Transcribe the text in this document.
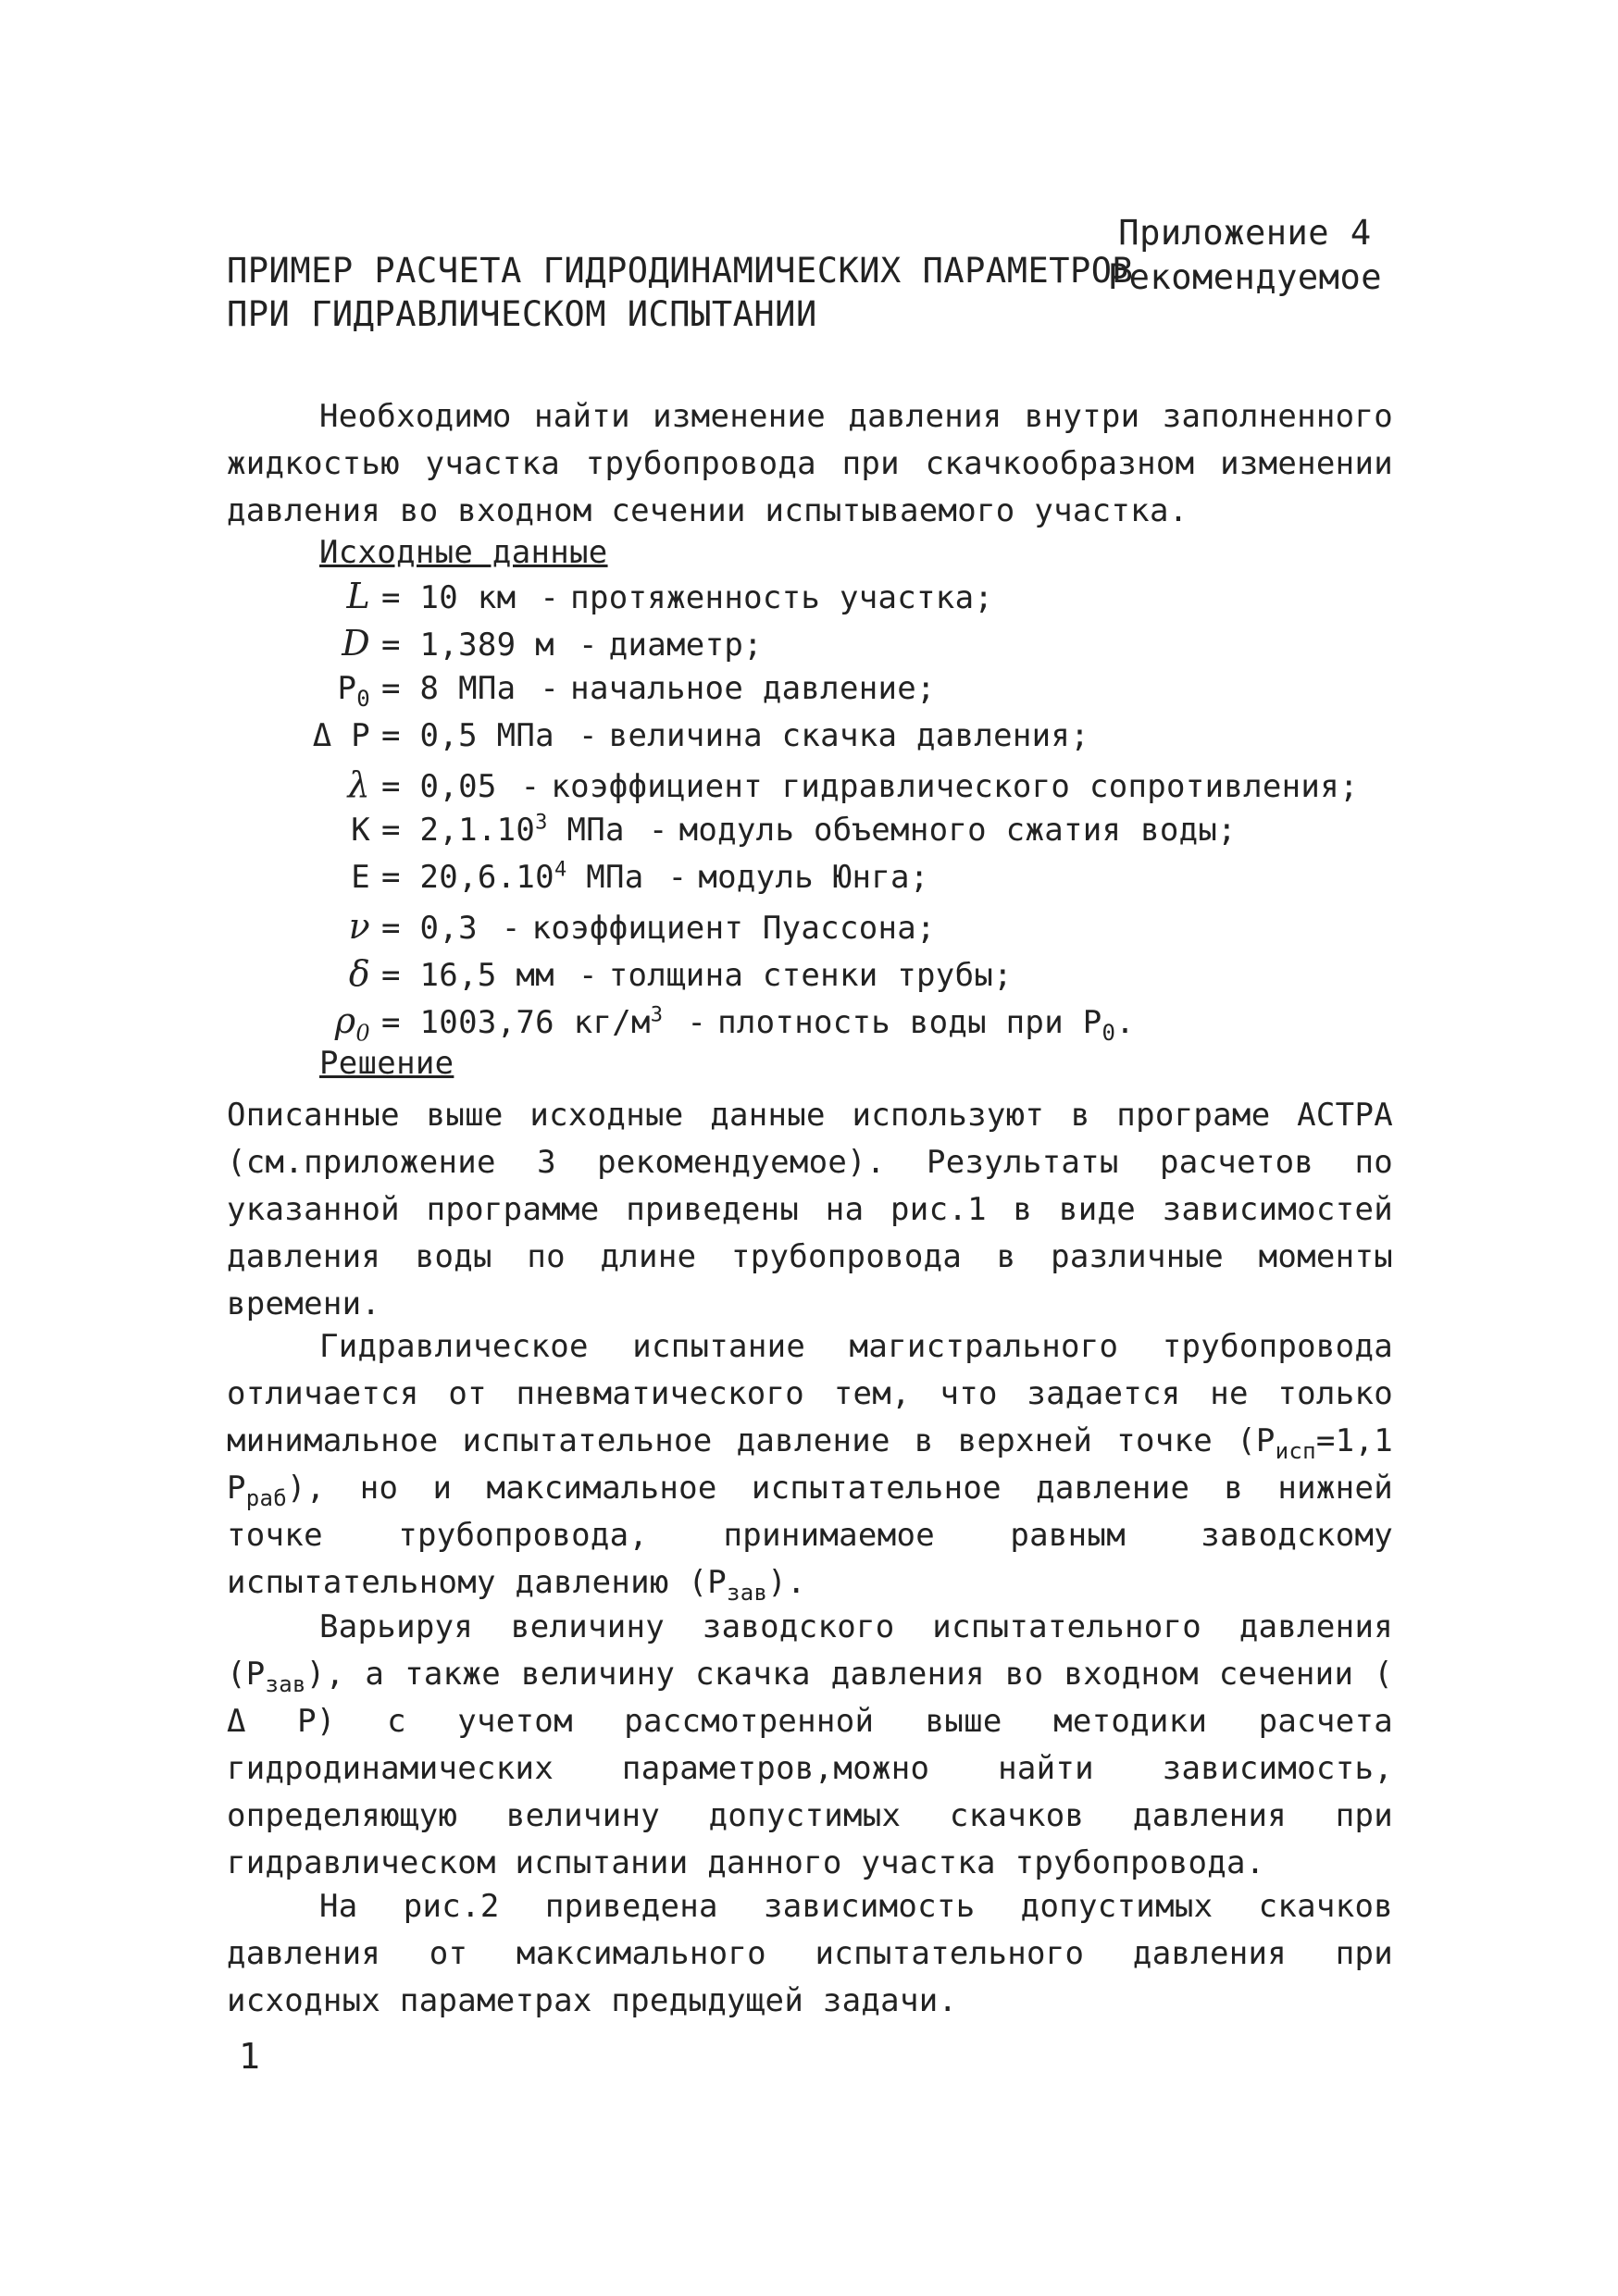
Приложение 4
Рекомендуемое
ПРИМЕР РАСЧЕТА ГИДРОДИНАМИЧЕСКИХ ПАРАМЕТРОВ
ПРИ ГИДРАВЛИЧЕСКОМ ИСПЫТАНИИ
Необходимо найти изменение давления внутри заполненного жидкостью участка трубопровода при скачкообразном изменении давления во входном сечении испытываемого участка.
Исходные данные
L = 10 км - протяженность участка;
D = 1,389 м - диаметр;
$P_0 = 8$ МПа - начальное давление;
Δ P = 0,5 МПа - величина скачка давления;
λ = 0,05 - коэффициент гидравлического сопротивления;
$K = 2,1.10^3$ МПа - модуль объемного сжатия воды;
$E = 20,6.10^4$ МПа - модуль Юнга;
ν = 0,3 - коэффициент Пуассона;
δ = 16,5 мм - толщина стенки трубы;
$\rho_0 = 1003,76$ $кг/м^3$ - плотность воды при $P_0$.
Решение
Описанные выше исходные данные используют в програме АСТРА (см.приложение 3 рекомендуемое). Результаты расчетов по указанной программе приведены на рис.1 в виде зависимостей давления воды по длине трубопровода в различные моменты времени.
Гидравлическое испытание магистрального трубопровода отличается от пневматического тем, что задается не только минимальное испытательное давление в верхней точке ($P_{исп}=1,1$ $P_{раб}$), но и максимальное испытательное давление в нижней точке трубопровода, принимаемое равным заводскому испытательному давлению $(P_{зав})$.
Варьируя величину заводского испытательного давления $(P_{зав})$, а также величину скачка давления во входном сечении ( Δ P) с учетом рассмотренной выше методики расчета гидродинамических параметров,можно найти зависимость, определяющую величину допустимых скачков давления при гидравлическом испытании данного участка трубопровода.
На рис.2 приведена зависимость допустимых скачков давления от максимального испытательного давления при исходных параметрах предыдущей задачи.
1
